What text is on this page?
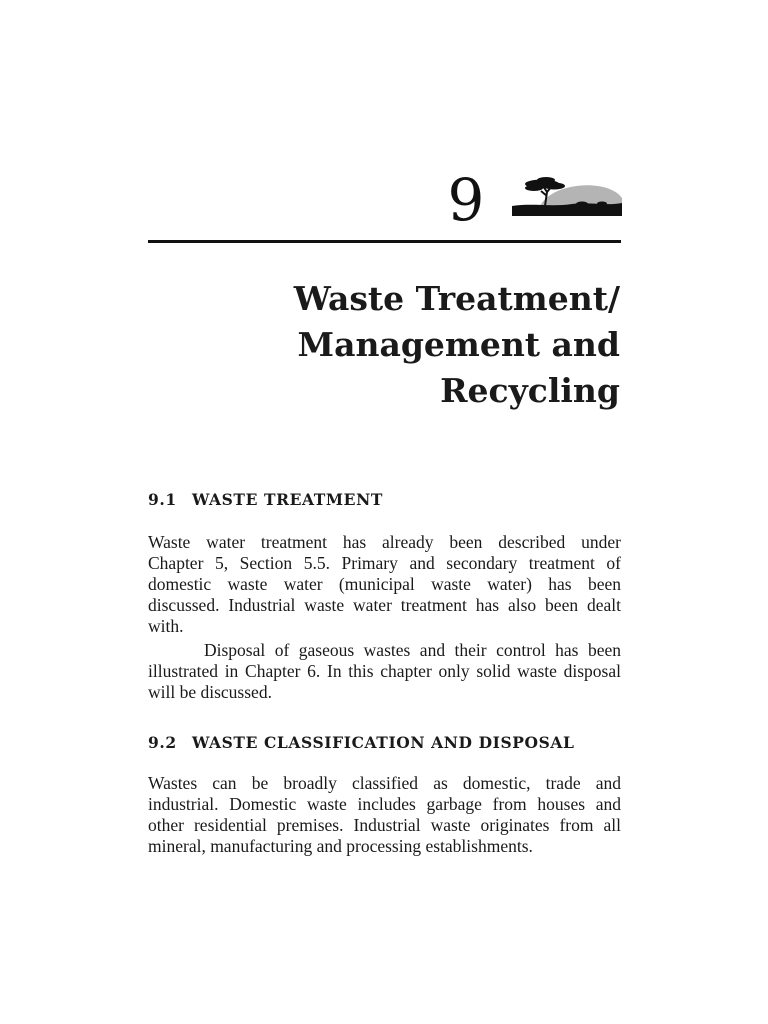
9
Waste Treatment/
Management and
Recycling
9.1 WASTE TREATMENT
Waste water treatment has already been described under
Chapter 5, Section 5.5. Primary and secondary treatment of
domestic waste water (municipal waste water) has been
discussed. Industrial waste water treatment has also been dealt
with.
Disposal of gaseous wastes and their control has been
illustrated in Chapter 6. In this chapter only solid waste disposal
will be discussed.
9.2 WASTE CLASSIFICATION AND DISPOSAL
Wastes can be broadly classified as domestic, trade and
industrial. Domestic waste includes garbage from houses and
other residential premises. Industrial waste originates from all
mineral, manufacturing and processing establishments.
